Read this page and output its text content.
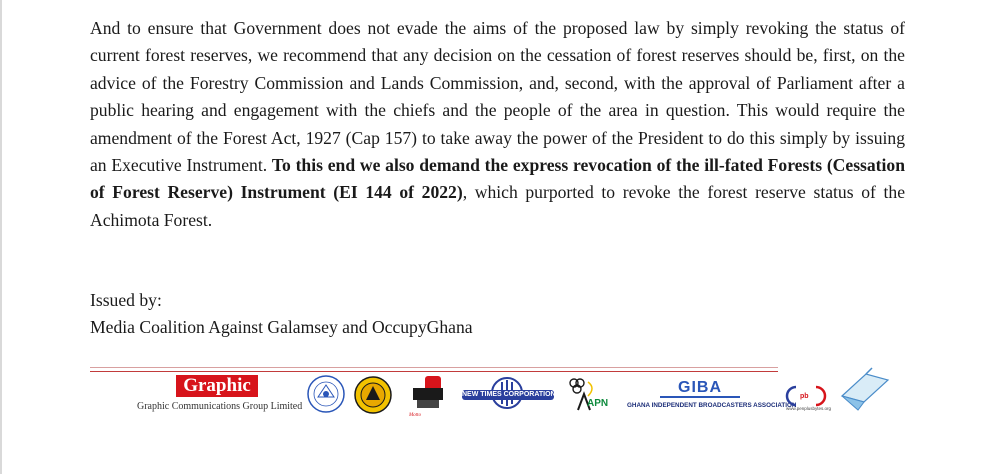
And to ensure that Government does not evade the aims of the proposed law by simply revoking the status of current forest reserves, we recommend that any decision on the cessation of forest reserves should be, first, on the advice of the Forestry Commission and Lands Commission, and, second, with the approval of Parliament after a public hearing and engagement with the chiefs and the people of the area in question. This would require the amendment of the Forest Act, 1927 (Cap 157) to take away the power of the President to do this simply by issuing an Executive Instrument. To this end we also demand the express revocation of the ill-fated Forests (Cessation of Forest Reserve) Instrument (EI 144 of 2022), which purported to revoke the forest reserve status of the Achimota Forest.

Issued by:
Media Coalition Against Galamsey and OccupyGhana
Graphic
Graphic Communications Group Limited
Motto
NEW TIMES CORPORATION
APN
GIBA
GHANA INDEPENDENT BROADCASTERS ASSOCIATION
pb
www.penplusbytes.org
